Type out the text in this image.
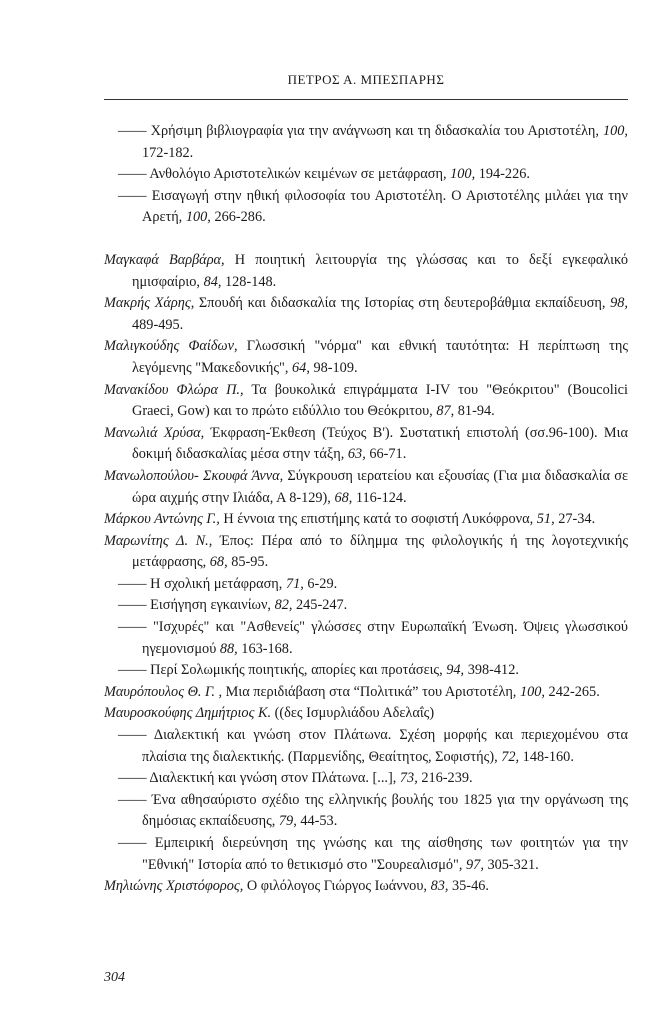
ΠΕΤΡΟΣ Α. ΜΠΕΣΠΑΡΗΣ
—— Χρήσιμη βιβλιογραφία για την ανάγνωση και τη διδασκαλία του Αριστοτέλη, 100, 172-182.
—— Ανθολόγιο Αριστοτελικών κειμένων σε μετάφραση, 100, 194-226.
—— Εισαγωγή στην ηθική φιλοσοφία του Αριστοτέλη. Ο Αριστοτέλης μιλάει για την Αρετή, 100, 266-286.
Μαγκαφά Βαρβάρα, Η ποιητική λειτουργία της γλώσσας και το δεξί εγκεφαλικό ημισφαίριο, 84, 128-148.
Μακρής Χάρης, Σπουδή και διδασκαλία της Ιστορίας στη δευτεροβάθμια εκπαίδευση, 98, 489-495.
Μαλιγκούδης Φαίδων, Γλωσσική "νόρμα" και εθνική ταυτότητα: Η περίπτωση της λεγόμενης "Μακεδονικής", 64, 98-109.
Μανακίδου Φλώρα Π., Τα βουκολικά επιγράμματα I-IV του "Θεόκριτου" (Boucolici Graeci, Gow) και το πρώτο ειδύλλιο του Θεόκριτου, 87, 81-94.
Μανωλιά Χρύσα, Έκφραση-Έκθεση (Τεύχος Β'). Συστατική επιστολή (σσ.96-100). Μια δοκιμή διδασκαλίας μέσα στην τάξη, 63, 66-71.
Μανωλοπούλου- Σκουφά Άννα, Σύγκρουση ιερατείου και εξουσίας (Για μια διδασκαλία σε ώρα αιχμής στην Ιλιάδα, Α 8-129), 68, 116-124.
Μάρκου Αντώνης Γ., Η έννοια της επιστήμης κατά το σοφιστή Λυκόφρονα, 51, 27-34.
Μαρωνίτης Δ. Ν., Έπος: Πέρα από το δίλημμα της φιλολογικής ή της λογοτεχνικής μετάφρασης, 68, 85-95.
—— Η σχολική μετάφραση, 71, 6-29.
—— Εισήγηση εγκαινίων, 82, 245-247.
—— "Ισχυρές" και "Ασθενείς" γλώσσες στην Ευρωπαϊκή Ένωση. Όψεις γλωσσικού ηγεμονισμού 88, 163-168.
—— Περί Σολωμικής ποιητικής, απορίες και προτάσεις, 94, 398-412.
Μαυρόπουλος Θ. Γ. , Μια περιδιάβαση στα “Πολιτικά” του Αριστοτέλη, 100, 242-265.
Μαυροσκούφης Δημήτριος Κ. ((δες Ισμυρλιάδου Αδελαΐς)
—— Διαλεκτική και γνώση στον Πλάτωνα. Σχέση μορφής και περιεχομένου στα πλαίσια της διαλεκτικής. (Παρμενίδης, Θεαίτητος, Σοφιστής), 72, 148-160.
—— Διαλεκτική και γνώση στον Πλάτωνα. [...], 73, 216-239.
—— Ένα αθησαύριστο σχέδιο της ελληνικής βουλής του 1825 για την οργάνωση της δημόσιας εκπαίδευσης, 79, 44-53.
—— Εμπειρική διερεύνηση της γνώσης και της αίσθησης των φοιτητών για την "Εθνική" Ιστορία από το θετικισμό στο "Σουρεαλισμό", 97, 305-321.
Μηλιώνης Χριστόφορος, Ο φιλόλογος Γιώργος Ιωάννου, 83, 35-46.
304
